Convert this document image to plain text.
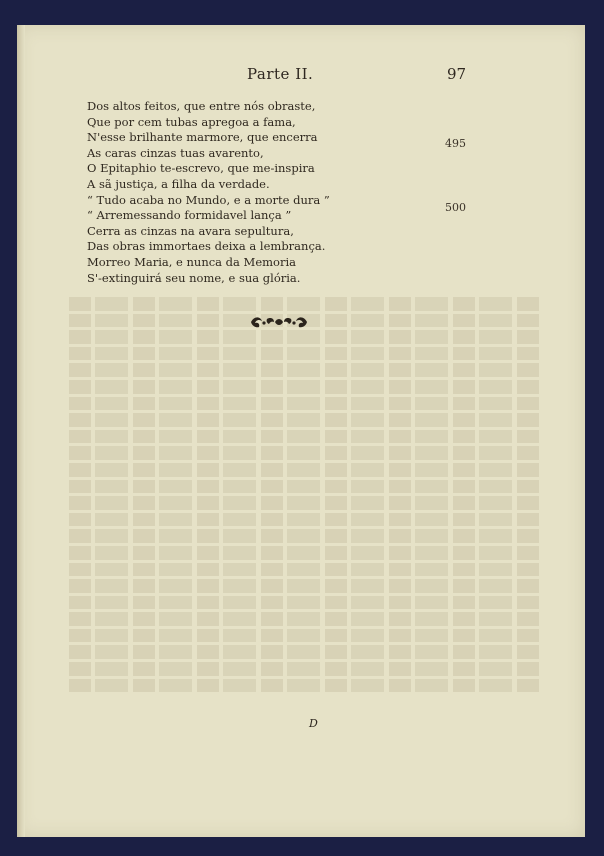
Parte II.	97
Dos altos feitos, que entre nós obraste,
Que por cem tubas apregoa a fama,
N'esse brilhante marmore, que encerra
As caras cinzas tuas avarento,
O Epitaphio te-escrevo, que me-inspira
A sã justiça, a filha da verdade.
“ Tudo acaba no Mundo, e a morte dura ”
“ Arremessando formidavel lança ”
Cerra as cinzas na avara sepultura,
Das obras immortaes deixa a lembrança.
Morreo Maria, e nunca da Memoria
S'-extinguirá seu nome, e sua glória.
495
500
D
